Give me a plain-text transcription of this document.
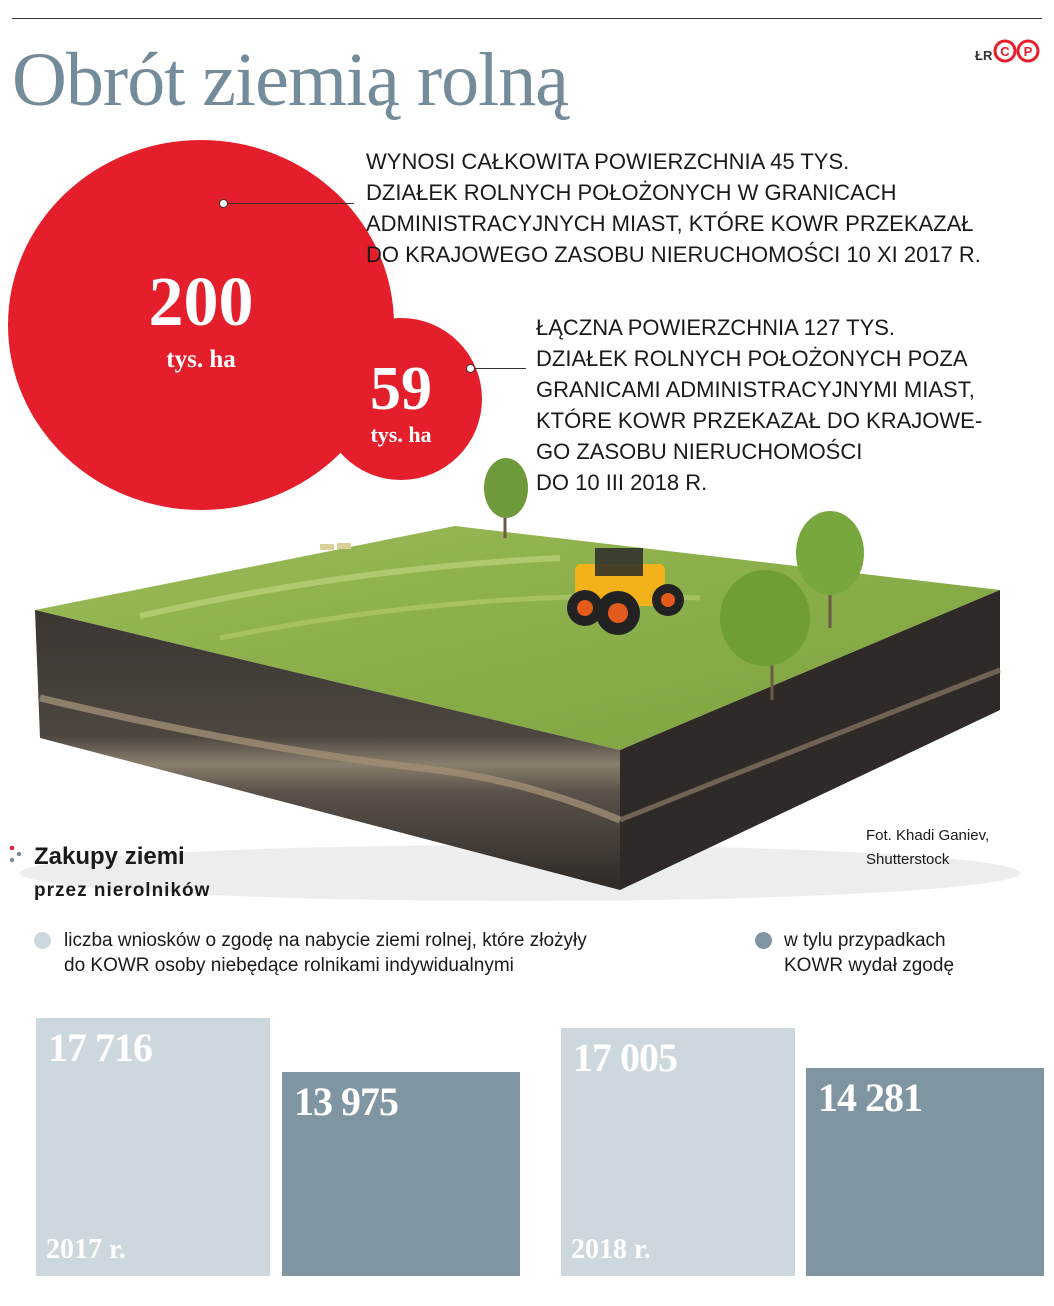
Obrót ziemią rolną	ŁR C P
200
tys. ha	59
tys. ha
WYNOSI CAŁKOWITA POWIERZCHNIA 45 TYS.
DZIAŁEK ROLNYCH POŁOŻONYCH W GRANICACH
ADMINISTRACYJNYCH MIAST, KTÓRE KOWR PRZEKAZAŁ
DO KRAJOWEGO ZASOBU NIERUCHOMOŚCI 10 XI 2017 R.
ŁĄCZNA POWIERZCHNIA 127 TYS.
DZIAŁEK ROLNYCH POŁOŻONYCH POZA
GRANICAMI ADMINISTRACYJNYMI MIAST,
KTÓRE KOWR PRZEKAZAŁ DO KRAJOWE-
GO ZASOBU NIERUCHOMOŚCI
DO 10 III 2018 R.
Fot. Khadi Ganiev,
Shutterstock
Zakupy ziemi
przez nierolników
liczba wniosków o zgodę na nabycie ziemi rolnej, które złożyły
do KOWR osoby niebędące rolnikami indywidualnymi
w tylu przypadkach
KOWR wydał zgodę
17 716
13 975
2017 r.
17 005
14 281
2018 r.
